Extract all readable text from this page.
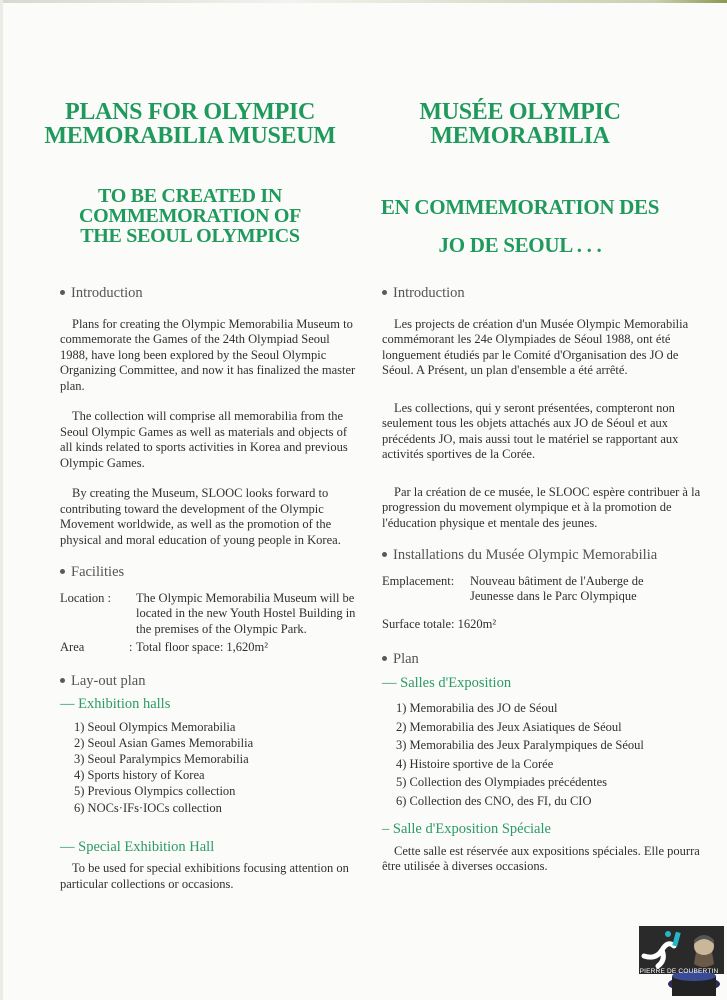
PLANS FOR OLYMPIC
MEMORABILIA MUSEUM
MUSÉE OLYMPIC MEMORABILIA
TO BE CREATED IN
COMMEMORATION OF
THE SEOUL OLYMPICS
EN COMMEMORATION DES
JO DE SEOUL . . .
Introduction

Plans for creating the Olympic Memorabilia Museum to commemorate the Games of the 24th Olympiad Seoul 1988, have long been explored by the Seoul Olympic Organizing Committee, and now it has finalized the master plan.

The collection will comprise all memorabilia from the Seoul Olympic Games as well as materials and objects of all kinds related to sports activities in Korea and previous Olympic Games.

By creating the Museum, SLOOC looks forward to contributing toward the development of the Olympic Movement worldwide, as well as the promotion of the physical and moral education of young people in Korea.

Facilities
Location :	The Olympic Memorabilia Museum will be located in the new Youth Hostel Building in the premises of the Olympic Park.
Area	: Total floor space: 1,620m²
Lay-out plan
— Exhibition halls
1) Seoul Olympics Memorabilia
2) Seoul Asian Games Memorabilia
3) Seoul Paralympics Memorabilia
4) Sports history of Korea
5) Previous Olympics collection
6) NOCs·IFs·IOCs collection
— Special Exhibition Hall

To be used for special exhibitions focusing attention on particular collections or occasions.

Introduction

Les projects de création d'un Musée Olympic Memorabilia commémorant les 24e Olympiades de Séoul 1988, ont été longuement étudiés par le Comité d'Organisation des JO de Séoul. A Présent, un plan d'ensemble a été arrêté.

Les collections, qui y seront présentées, compteront non seulement tous les objets attachés aux JO de Séoul et aux précédents JO, mais aussi tout le matériel se rapportant aux activités sportives de la Corée.

Par la création de ce musée, le SLOOC espère contribuer à la progression du movement olympique et à la promotion de l'éducation physique et mentale des jeunes.

Installations du Musée Olympic Memorabilia
Emplacement:	Nouveau bâtiment de l'Auberge de Jeunesse dans le Parc Olympique

Surface totale: 1620m²

Plan
— Salles d'Exposition
1) Memorabilia des JO de Séoul
2) Memorabilia des Jeux Asiatiques de Séoul
3) Memorabilia des Jeux Paralympiques de Séoul
4) Histoire sportive de la Corée
5) Collection des Olympiades précédentes
6) Collection des CNO, des FI, du CIO
– Salle d'Exposition Spéciale

Cette salle est réservée aux expositions spéciales. Elle pourra être utilisée à diverses occasions.

PIERRE DE COUBERTIN
